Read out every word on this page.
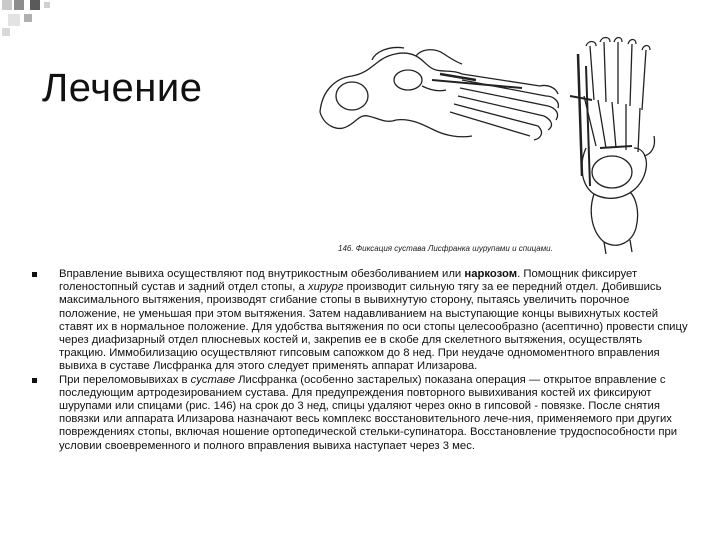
Лечение
146. Фиксация сустава Лисфранка шурупами и спицами.
Вправление вывиха осуществляют под внутрикостным обезболиванием или наркозом. Помощник фиксирует голеностопный сустав и задний отдел стопы, а хирург производит сильную тягу за ее передний отдел. Добившись максимального вытяжения, производят сгибание стопы в вывихнутую сторону, пытаясь увеличить порочное положение, не уменьшая при этом вытяжения. Затем надавливанием на выступающие концы вывихнутых костей ставят их в нормальное положение. Для удобства вытяжения по оси стопы целесообразно (асептично) провести спицу через диафизарный отдел плюсневых костей и, закрепив ее в скобе для скелетного вытяжения, осуществлять тракцию. Иммобилизацию осуществляют гипсовым сапожком до 8 нед. При неудаче одномоментного вправления вывиха в суставе Лисфранка для этого следует применять аппарат Илизарова.
При переломовывихах в суставе Лисфранка (особенно застарелых) показана операция — открытое вправление с последующим артродезированием сустава. Для предупреждения повторного вывихивания костей их фиксируют шурупами или спицами (рис. 146) на срок до 3 нед, спицы удаляют через окно в гипсовой - повязке. После снятия повязки или аппарата Илизарова назначают весь комплекс восстановительного лече-ния, применяемого при других повреждениях стопы, включая ношение ортопедической стельки-супинатора. Восстановление трудоспособности при условии своевременного и полного вправления вывиха наступает через 3 мес.
